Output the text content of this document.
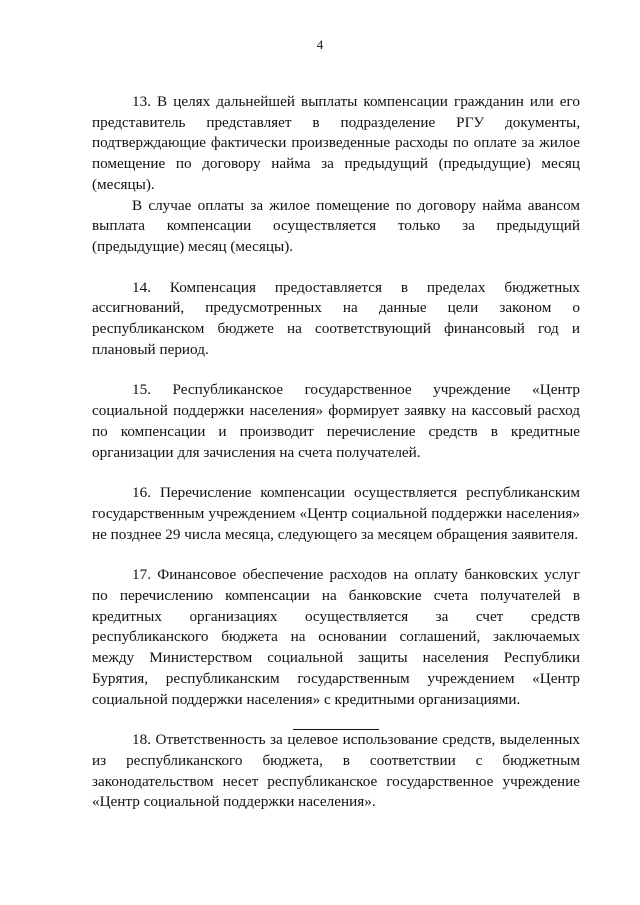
4

13. В целях дальнейшей выплаты компенсации гражданин или его представитель представляет в подразделение РГУ документы, подтверждающие фактически произведенные расходы по оплате за жилое помещение по договору найма за предыдущий (предыдущие) месяц (месяцы).

В случае оплаты за жилое помещение по договору найма авансом выплата компенсации осуществляется только за предыдущий (предыдущие) месяц (месяцы).

14. Компенсация предоставляется в пределах бюджетных ассигнований, предусмотренных на данные цели законом о республиканском бюджете на соответствующий финансовый год и плановый период.

15. Республиканское государственное учреждение «Центр социальной поддержки населения» формирует заявку на кассовый расход по компенсации и производит перечисление средств в кредитные организации для зачисления на счета получателей.

16. Перечисление компенсации осуществляется республиканским государственным учреждением «Центр социальной поддержки населения» не позднее 29 числа месяца, следующего за месяцем обращения заявителя.

17. Финансовое обеспечение расходов на оплату банковских услуг по перечислению компенсации на банковские счета получателей в кредитных организациях осуществляется за счет средств республиканского бюджета на основании соглашений, заключаемых между Министерством социальной защиты населения Республики Бурятия, республиканским государственным учреждением «Центр социальной поддержки населения» с кредитными организациями.

18. Ответственность за целевое использование средств, выделенных из республиканского бюджета, в соответствии с бюджетным законодательством несет республиканское государственное учреждение «Центр социальной поддержки населения».
